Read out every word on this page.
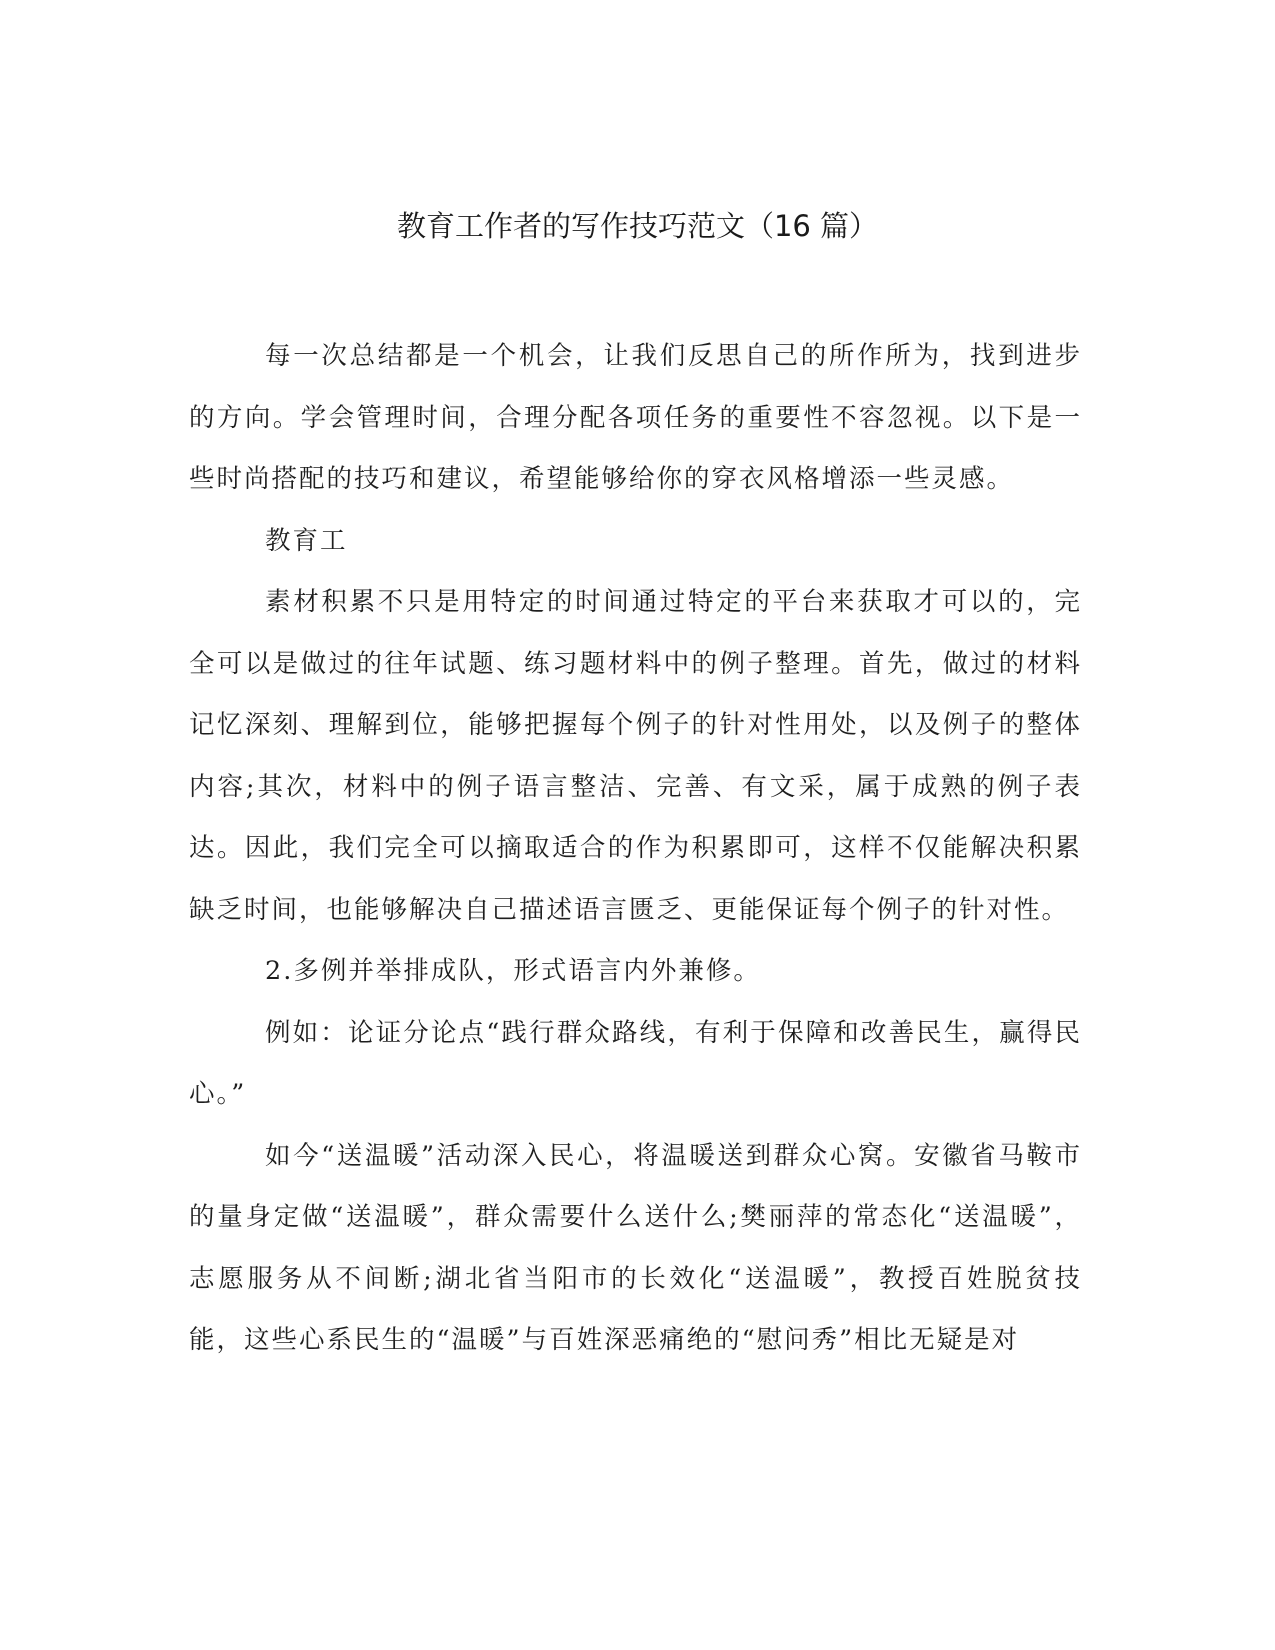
教育工作者的写作技巧范文（16 篇）

每一次总结都是一个机会，让我们反思自己的所作所为，找到进步的方向。学会管理时间，合理分配各项任务的重要性不容忽视。以下是一些时尚搭配的技巧和建议，希望能够给你的穿衣风格增添一些灵感。

教育工

素材积累不只是用特定的时间通过特定的平台来获取才可以的，完全可以是做过的往年试题、练习题材料中的例子整理。首先，做过的材料记忆深刻、理解到位，能够把握每个例子的针对性用处，以及例子的整体内容;其次，材料中的例子语言整洁、完善、有文采，属于成熟的例子表达。因此，我们完全可以摘取适合的作为积累即可，这样不仅能解决积累缺乏时间，也能够解决自己描述语言匮乏、更能保证每个例子的针对性。

2.多例并举排成队，形式语言内外兼修。

例如：论证分论点“践行群众路线，有利于保障和改善民生，赢得民心。”

如今“送温暖”活动深入民心，将温暖送到群众心窝。安徽省马鞍市的量身定做“送温暖”，群众需要什么送什么;樊丽萍的常态化“送温暖”，志愿服务从不间断;湖北省当阳市的长效化“送温暖”，教授百姓脱贫技能，这些心系民生的“温暖”与百姓深恶痛绝的“慰问秀”相比无疑是对
